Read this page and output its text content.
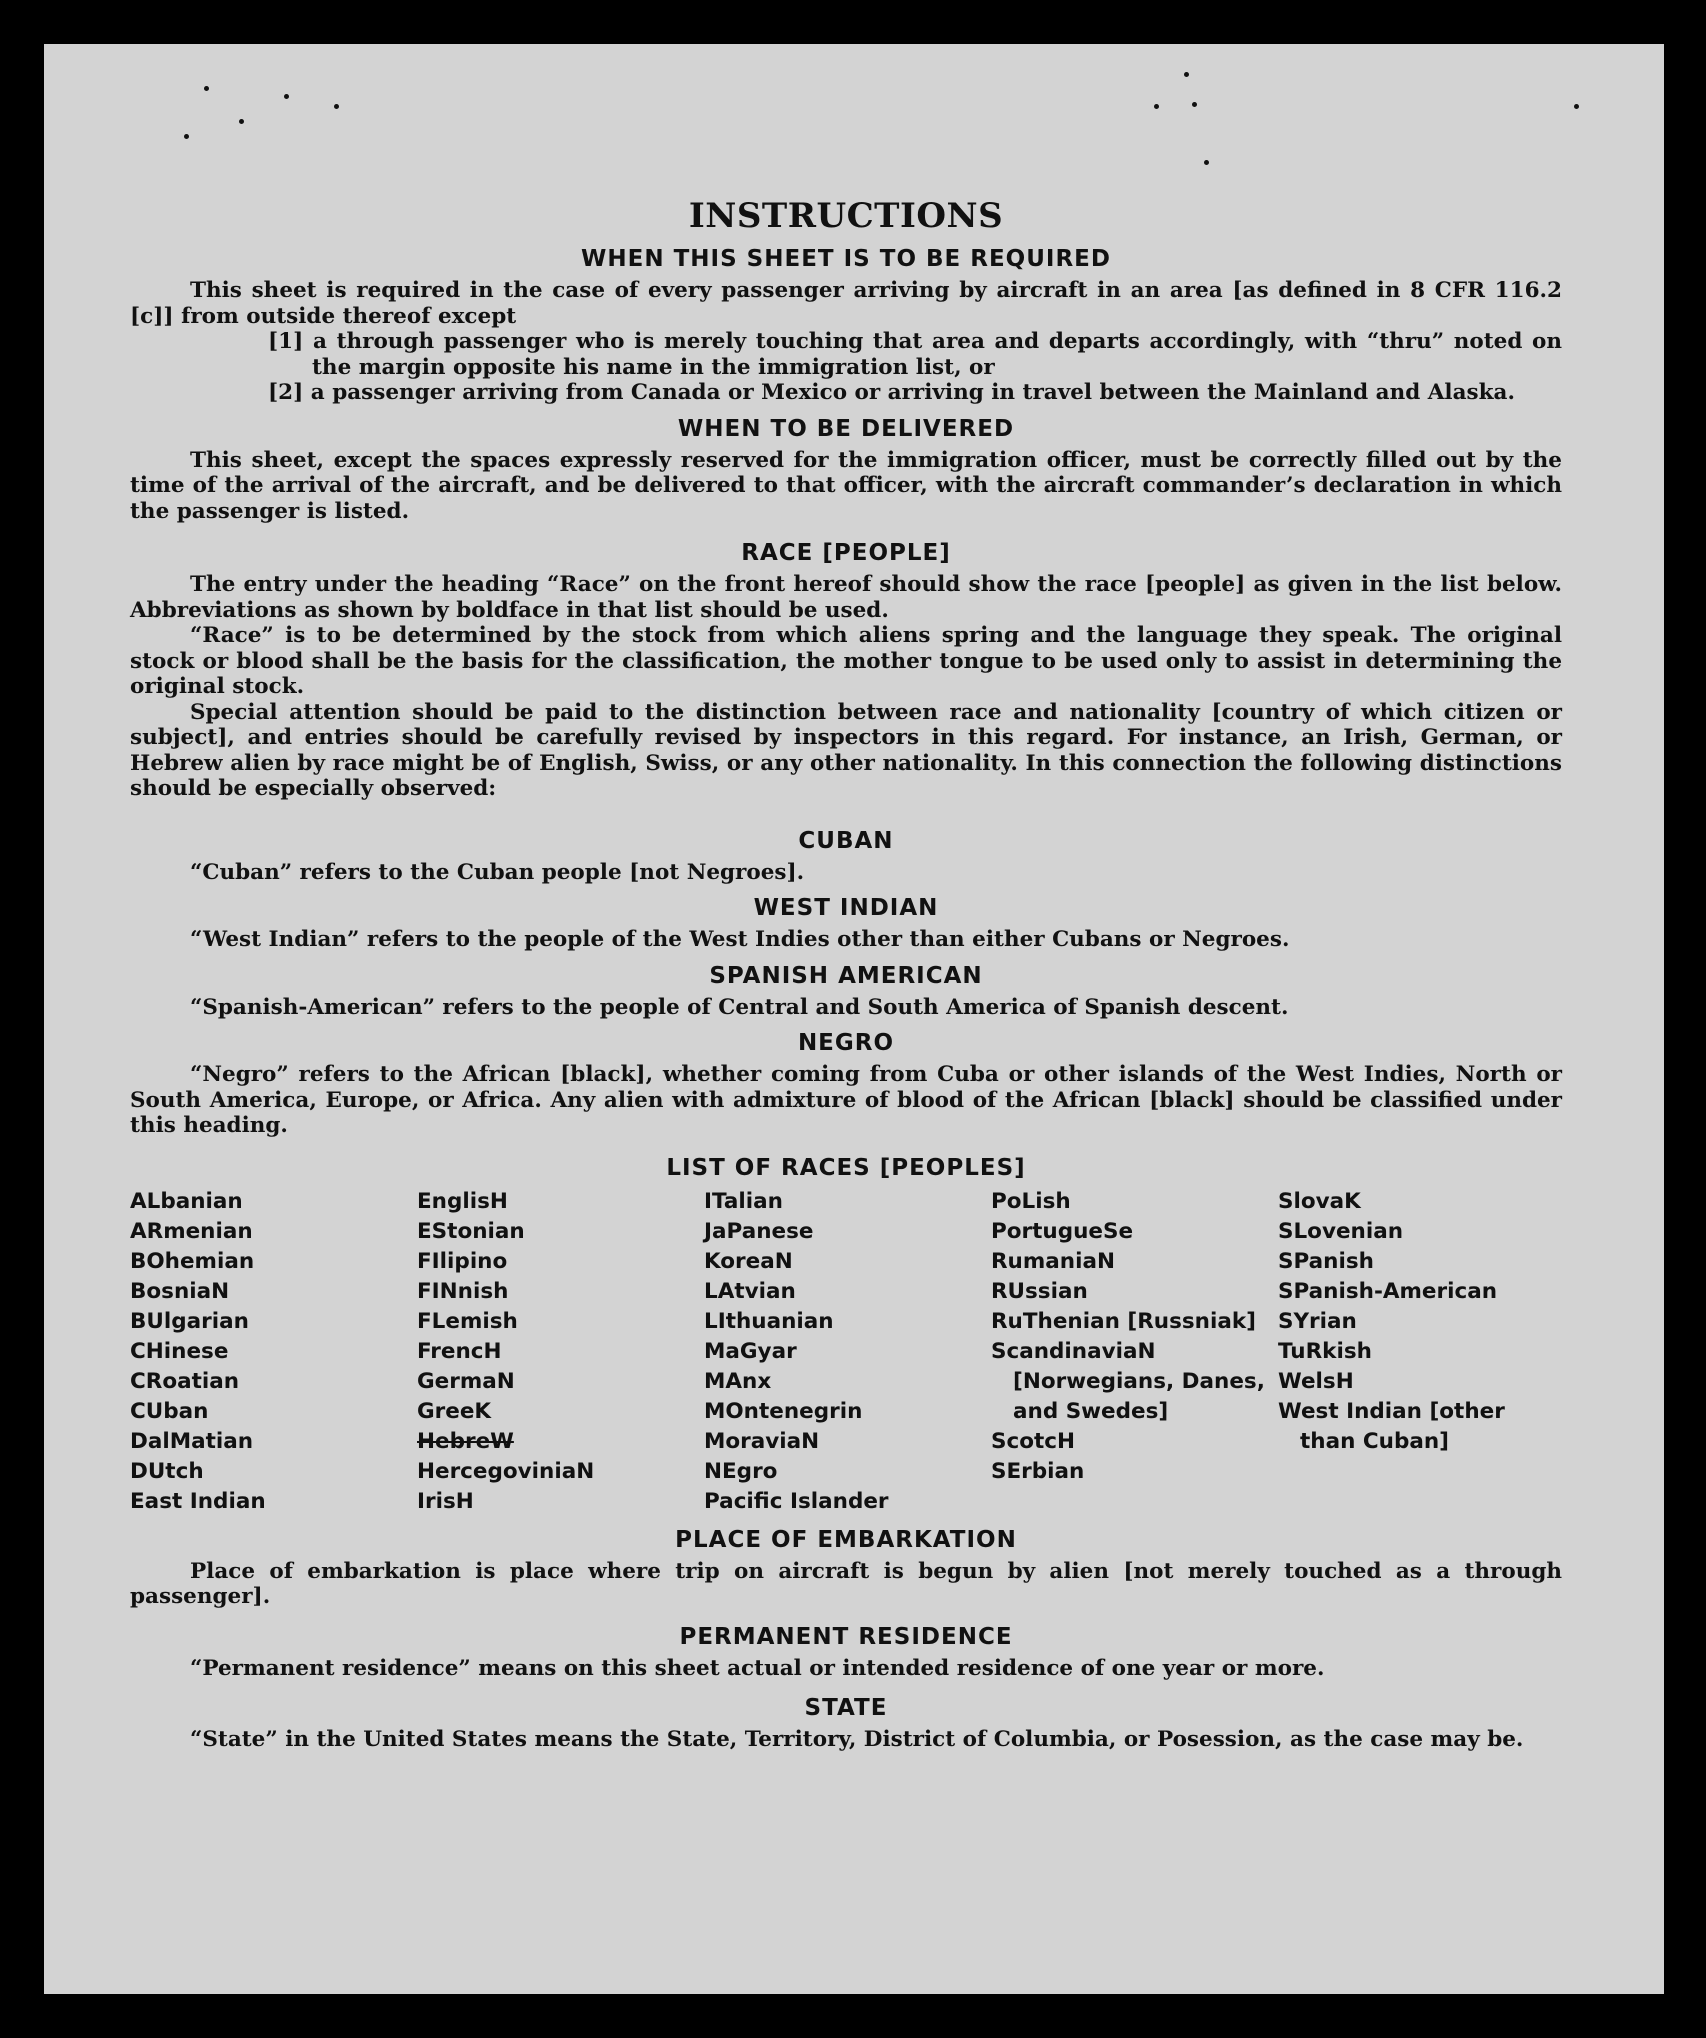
INSTRUCTIONS
WHEN THIS SHEET IS TO BE REQUIRED

This sheet is required in the case of every passenger arriving by aircraft in an area [as defined in 8 CFR 116.2 [c]] from outside thereof except

[1] a through passenger who is merely touching that area and departs accordingly, with “thru” noted on the margin opposite his name in the immigration list, or

[2] a passenger arriving from Canada or Mexico or arriving in travel between the Mainland and Alaska.

WHEN TO BE DELIVERED

This sheet, except the spaces expressly reserved for the immigration officer, must be correctly filled out by the time of the arrival of the aircraft, and be delivered to that officer, with the aircraft commander’s declaration in which the passenger is listed.

RACE [PEOPLE]

The entry under the heading “Race” on the front hereof should show the race [people] as given in the list below. Abbreviations as shown by boldface in that list should be used.

“Race” is to be determined by the stock from which aliens spring and the language they speak. The original stock or blood shall be the basis for the classification, the mother tongue to be used only to assist in determining the original stock.

Special attention should be paid to the distinction between race and nationality [country of which citizen or subject], and entries should be carefully revised by inspectors in this regard. For instance, an Irish, German, or Hebrew alien by race might be of English, Swiss, or any other nationality. In this connection the following distinctions should be especially observed:

CUBAN

“Cuban” refers to the Cuban people [not Negroes].

WEST INDIAN

“West Indian” refers to the people of the West Indies other than either Cubans or Negroes.

SPANISH AMERICAN

“Spanish-American” refers to the people of Central and South America of Spanish descent.

NEGRO

“Negro” refers to the African [black], whether coming from Cuba or other islands of the West Indies, North or South America, Europe, or Africa. Any alien with admixture of blood of the African [black] should be classified under this heading.

LIST OF RACES [PEOPLES]
ALbanian
ARmenian
BOhemian
BosniaN
BUlgarian
CHinese
CRoatian
CUban
DalMatian
DUtch
East Indian
EnglisH
EStonian
FIlipino
FINnish
FLemish
FrencH
GermaN
GreeK
HebreW
HercegoviniaN
IrisH
ITalian
JaPanese
KoreaN
LAtvian
LIthuanian
MaGyar
MAnx
MOntenegrin
MoraviaN
NEgro
Pacific Islander
PoLish
PortugueSe
RumaniaN
RUssian
RuThenian [Russniak]
ScandinaviaN [Norwegians, Danes, and Swedes]
ScotcH
SErbian
SlovaK
SLovenian
SPanish
SPanish-American
SYrian
TuRkish
WelsH
West Indian [other than Cuban]
PLACE OF EMBARKATION

Place of embarkation is place where trip on aircraft is begun by alien [not merely touched as a through passenger].

PERMANENT RESIDENCE

“Permanent residence” means on this sheet actual or intended residence of one year or more.

STATE

“State” in the United States means the State, Territory, District of Columbia, or Posession, as the case may be.
